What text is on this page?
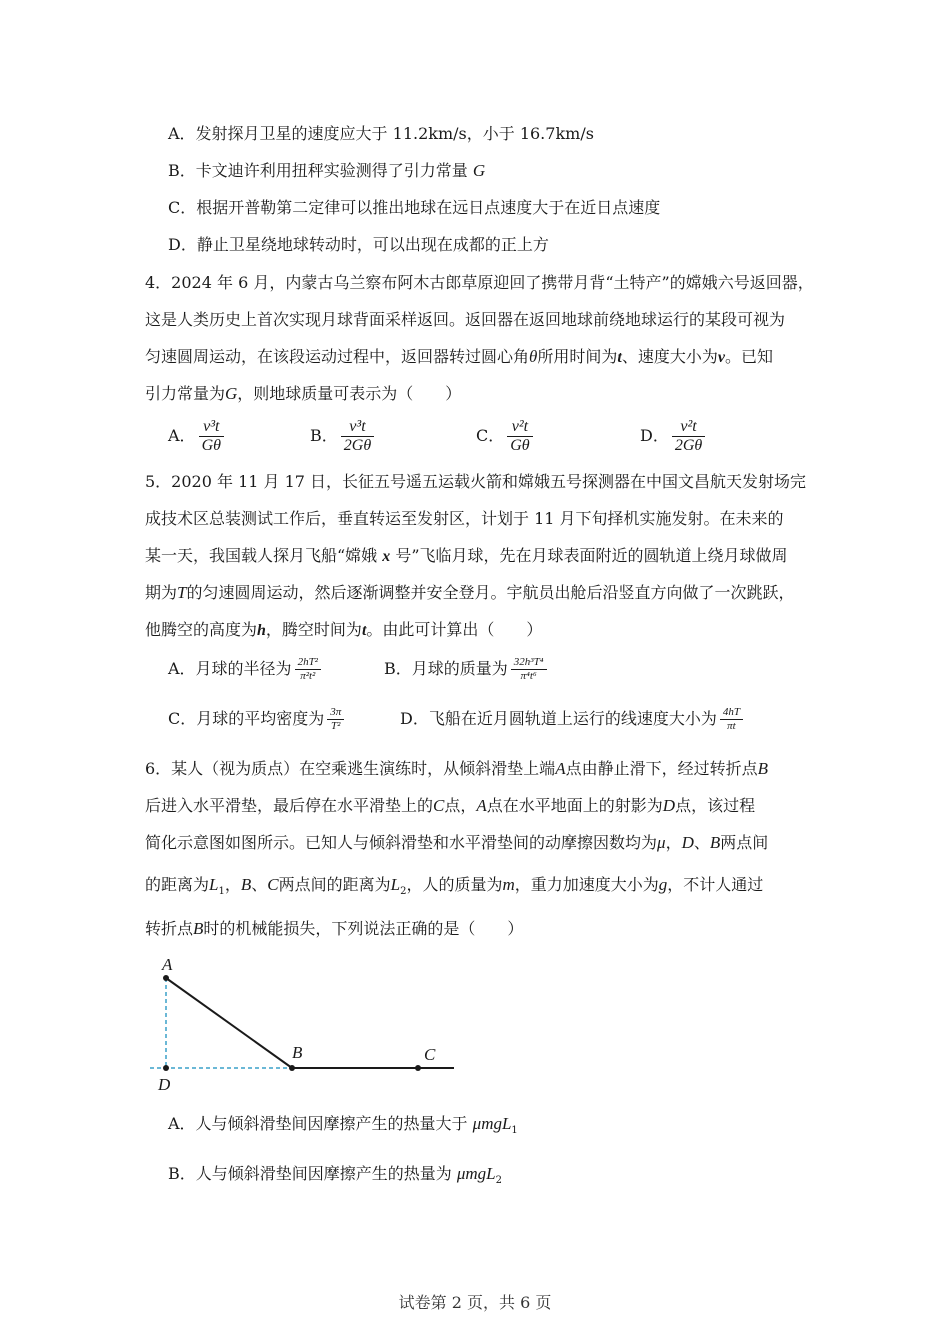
A．发射探月卫星的速度应大于 11.2km/s，小于 16.7km/s
B．卡文迪许利用扭秤实验测得了引力常量 G
C．根据开普勒第二定律可以推出地球在远日点速度大于在近日点速度
D．静止卫星绕地球转动时，可以出现在成都的正上方
4．2024 年 6 月，内蒙古乌兰察布阿木古郎草原迎回了携带月背“土特产”的嫦娥六号返回器，
这是人类历史上首次实现月球背面采样返回。返回器在返回地球前绕地球运行的某段可视为
匀速圆周运动，在该段运动过程中，返回器转过圆心角θ所用时间为t、速度大小为v。已知
引力常量为G，则地球质量可表示为（　　）
A． $\frac{\text{v³t}}{G\theta}$	B． $\frac{\text{v³t}}{2G\theta}$	C． $\frac{\text{v²t}}{G\theta}$	D． $\frac{\text{v²t}}{2G\theta}$
5．2020 年 11 月 17 日，长征五号遥五运载火箭和嫦娥五号探测器在中国文昌航天发射场完
成技术区总装测试工作后，垂直转运至发射区，计划于 11 月下旬择机实施发射。在未来的
某一天，我国载人探月飞船“嫦娥 x 号”飞临月球，先在月球表面附近的圆轨道上绕月球做周
期为T的匀速圆周运动，然后逐渐调整并安全登月。宇航员出舱后沿竖直方向做了一次跳跃，
他腾空的高度为h，腾空时间为t。由此可计算出（　　）
A．月球的半径为 $\frac{\text{2hT²}}{\text{π²t²}}$	B．月球的质量为 $\frac{\text{32h³T⁴}}{\text{π⁴t⁶}}$
C．月球的平均密度为 $\frac{3\pi}{\text{T²}}$	D．飞船在近月圆轨道上运行的线速度大小为 $\frac{4hT}{\pi t}$
6．某人（视为质点）在空乘逃生演练时，从倾斜滑垫上端A点由静止滑下，经过转折点B
后进入水平滑垫，最后停在水平滑垫上的C点，A点在水平地面上的射影为D点，该过程
简化示意图如图所示。已知人与倾斜滑垫和水平滑垫间的动摩擦因数均为μ，D、B两点间
的距离为$L_1$，B、C两点间的距离为$L_2$，人的质量为m，重力加速度大小为g，不计人通过
转折点B时的机械能损失，下列说法正确的是（　　）
A
D
B	C
A．人与倾斜滑垫间因摩擦产生的热量大于 μmgL$_1$
B．人与倾斜滑垫间因摩擦产生的热量为 μmgL$_2$
试卷第 2 页，共 6 页
